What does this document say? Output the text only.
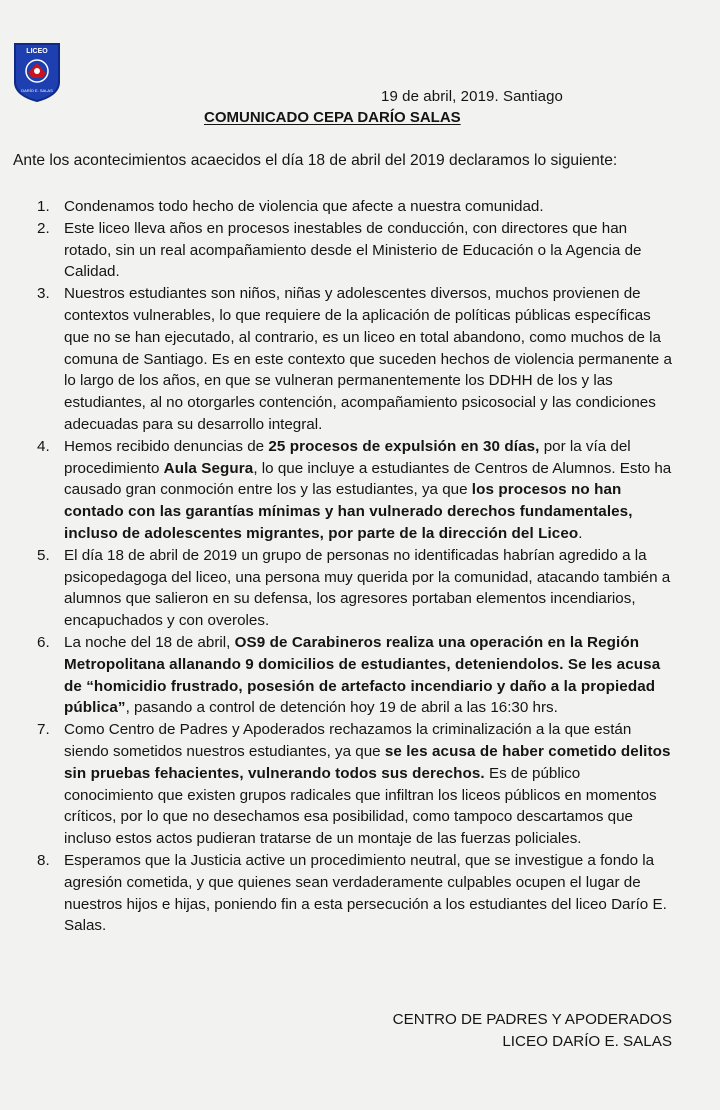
LICEO
DARÍO E. SALAS	19 de abril, 2019. Santiago
COMUNICADO CEPA DARÍO SALAS
Ante los acontecimientos acaecidos el día 18 de abril del 2019 declaramos lo siguiente:
1. Condenamos todo hecho de violencia que afecte a nuestra comunidad.
2. Este liceo lleva años en procesos inestables de conducción, con directores que han rotado, sin un real acompañamiento desde el Ministerio de Educación o la Agencia de Calidad.
3. Nuestros estudiantes son niños, niñas y adolescentes diversos, muchos provienen de contextos vulnerables, lo que requiere de la aplicación de políticas públicas específicas que no se han ejecutado, al contrario, es un liceo en total abandono, como muchos de la comuna de Santiago. Es en este contexto que suceden hechos de violencia permanente a lo largo de los años, en que se vulneran permanentemente los DDHH de los y las estudiantes, al no otorgarles contención, acompañamiento psicosocial y las condiciones adecuadas para su desarrollo integral.
4. Hemos recibido denuncias de 25 procesos de expulsión en 30 días, por la vía del procedimiento Aula Segura, lo que incluye a estudiantes de Centros de Alumnos. Esto ha causado gran conmoción entre los y las estudiantes, ya que los procesos no han contado con las garantías mínimas y han vulnerado derechos fundamentales, incluso de adolescentes migrantes, por parte de la dirección del Liceo.
5. El día 18 de abril de 2019 un grupo de personas no identificadas habrían agredido a la psicopedagoga del liceo, una persona muy querida por la comunidad, atacando también a alumnos que salieron en su defensa, los agresores portaban elementos incendiarios, encapuchados y con overoles.
6. La noche del 18 de abril, OS9 de Carabineros realiza una operación en la Región Metropolitana allanando 9 domicilios de estudiantes, deteniendolos. Se les acusa de “homicidio frustrado, posesión de artefacto incendiario y daño a la propiedad pública”, pasando a control de detención hoy 19 de abril a las 16:30 hrs.
7. Como Centro de Padres y Apoderados rechazamos la criminalización a la que están siendo sometidos nuestros estudiantes, ya que se les acusa de haber cometido delitos sin pruebas fehacientes, vulnerando todos sus derechos. Es de público conocimiento que existen grupos radicales que infiltran los liceos públicos en momentos críticos, por lo que no desechamos esa posibilidad, como tampoco descartamos que incluso estos actos pudieran tratarse de un montaje de las fuerzas policiales.
8. Esperamos que la Justicia active un procedimiento neutral, que se investigue a fondo la agresión cometida, y que quienes sean verdaderamente culpables ocupen el lugar de nuestros hijos e hijas, poniendo fin a esta persecución a los estudiantes del liceo Darío E. Salas.
CENTRO DE PADRES Y APODERADOS
LICEO DARÍO E. SALAS
